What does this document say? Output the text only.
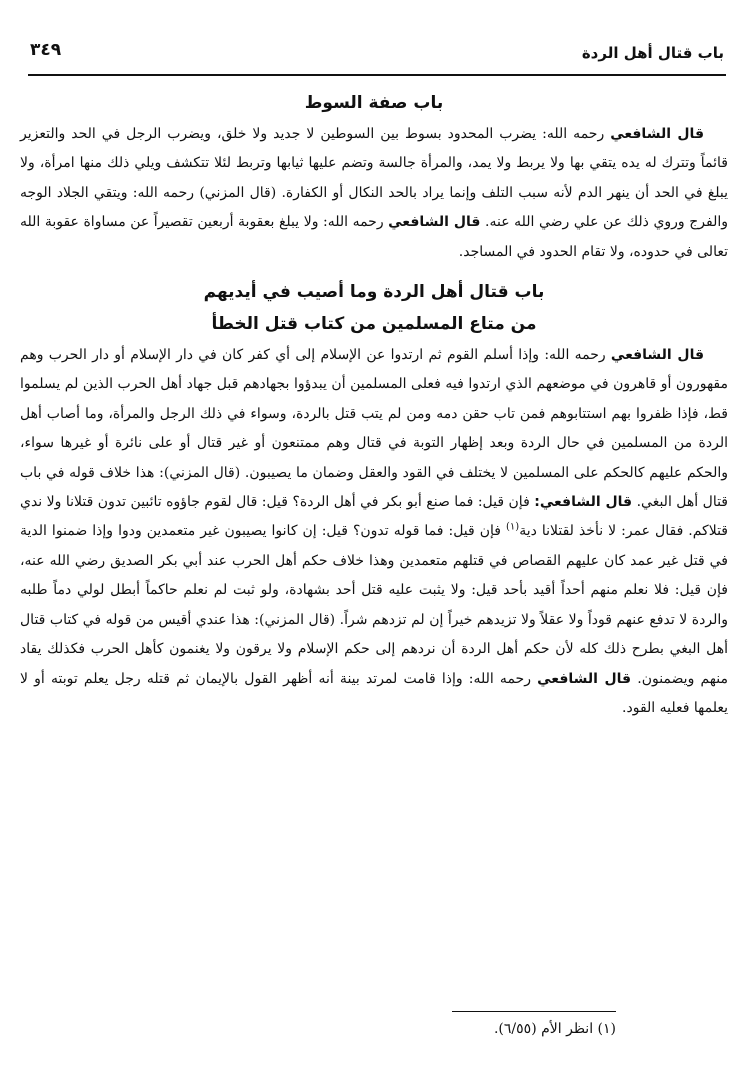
باب قتال أهل الردة
٣٤٩
باب صفة السوط

قال الشافعي رحمه الله: يضرب المحدود بسوط بين السوطين لا جديد ولا خلق، ويضرب الرجل في الحد والتعزير قائماً وتترك له يده يتقي بها ولا يربط ولا يمد، والمرأة جالسة وتضم عليها ثيابها وتربط لئلا تتكشف ويلي ذلك منها امرأة، ولا يبلغ في الحد أن ينهر الدم لأنه سبب التلف وإنما يراد بالحد النكال أو الكفارة. (قال المزني) رحمه الله: ويتقي الجلاد الوجه والفرج وروي ذلك عن علي رضي الله عنه. قال الشافعي رحمه الله: ولا يبلغ بعقوبة أربعين تقصيراً عن مساواة عقوبة الله تعالى في حدوده، ولا تقام الحدود في المساجد.

باب قتال أهل الردة وما أصيب في أيديهم
من متاع المسلمين من كتاب قتل الخطأ

قال الشافعي رحمه الله: وإذا أسلم القوم ثم ارتدوا عن الإسلام إلى أي كفر كان في دار الإسلام أو دار الحرب وهم مقهورون أو قاهرون في موضعهم الذي ارتدوا فيه فعلى المسلمين أن يبدؤوا بجهادهم قبل جهاد أهل الحرب الذين لم يسلموا قط، فإذا ظفروا بهم استتابوهم فمن تاب حقن دمه ومن لم يتب قتل بالردة، وسواء في ذلك الرجل والمرأة، وما أصاب أهل الردة من المسلمين في حال الردة وبعد إظهار التوبة في قتال وهم ممتنعون أو غير قتال أو على نائرة أو غيرها سواء، والحكم عليهم كالحكم على المسلمين لا يختلف في القود والعقل وضمان ما يصيبون. (قال المزني): هذا خلاف قوله في باب قتال أهل البغي. قال الشافعي: فإن قيل: فما صنع أبو بكر في أهل الردة؟ قيل: قال لقوم جاؤوه تائبين تدون قتلانا ولا ندي قتلاكم. فقال عمر: لا نأخذ لقتلانا دية$^{(١)}$ فإن قيل: فما قوله تدون؟ قيل: إن كانوا يصيبون غير متعمدين ودوا وإذا ضمنوا الدية في قتل غير عمد كان عليهم القصاص في قتلهم متعمدين وهذا خلاف حكم أهل الحرب عند أبي بكر الصديق رضي الله عنه، فإن قيل: فلا نعلم منهم أحداً أقيد بأحد قيل: ولا يثبت عليه قتل أحد بشهادة، ولو ثبت لم نعلم حاكماً أبطل لولي دماً طلبه والردة لا تدفع عنهم قوداً ولا عقلاً ولا تزيدهم خيراً إن لم تزدهم شراً. (قال المزني): هذا عندي أقيس من قوله في كتاب قتال أهل البغي بطرح ذلك كله لأن حكم أهل الردة أن نردهم إلى حكم الإسلام ولا يرقون ولا يغنمون كأهل الحرب فكذلك يقاد منهم ويضمنون. قال الشافعي رحمه الله: وإذا قامت لمرتد بينة أنه أظهر القول بالإيمان ثم قتله رجل يعلم توبته أو لا يعلمها فعليه القود.

(١) انظر الأم (٦/٥٥).
